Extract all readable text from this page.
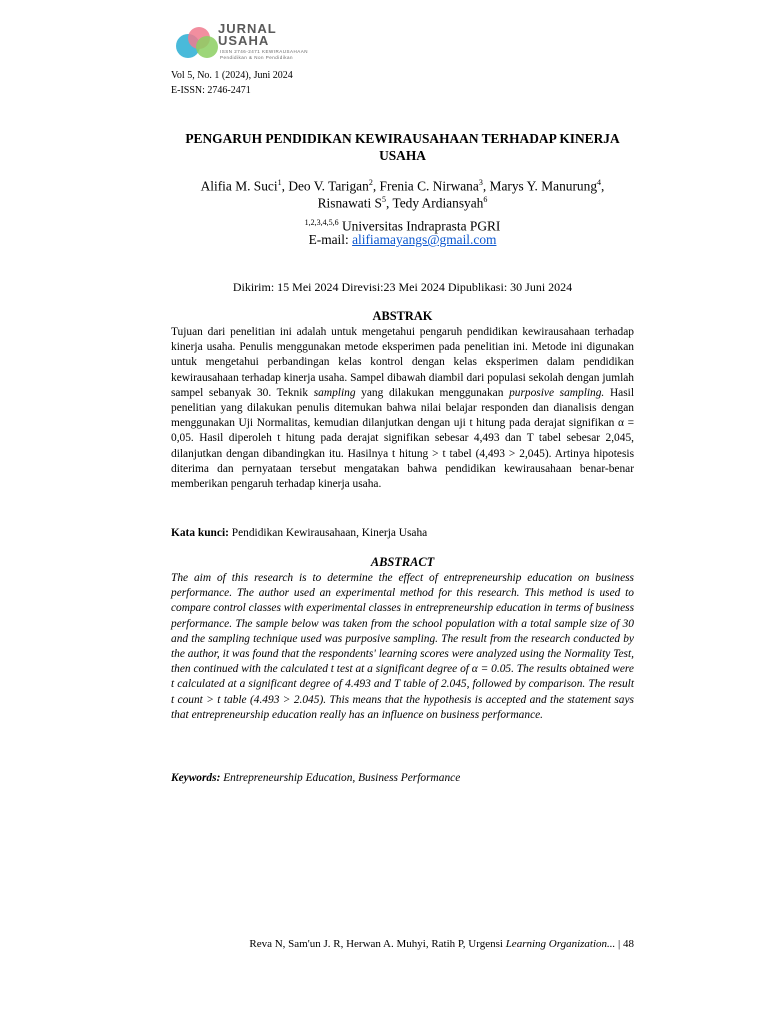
JURNAL
USAHA
ISSN 2746-2471 KEWIRAUSAHAAN
Pendidikan & Non Pendidikan
Vol 5, No. 1 (2024), Juni 2024
E-ISSN: 2746-2471
PENGARUH PENDIDIKAN KEWIRAUSAHAAN TERHADAP KINERJA
USAHA
Alifia M. Suci$^1$, Deo V. Tarigan$^2$, Frenia C. Nirwana$^3$, Marys Y. Manurung$^4$,
Risnawati $S^5$, Tedy Ardiansyah$^6$
$^{1,2,3,4,5,6}$ Universitas Indraprasta PGRI
E-mail: alifiamayangs@gmail.com
Dikirim: 15 Mei 2024 Direvisi:23 Mei 2024 Dipublikasi: 30 Juni 2024
ABSTRAK
Tujuan dari penelitian ini adalah untuk mengetahui pengaruh pendidikan kewirausahaan terhadap kinerja usaha. Penulis menggunakan metode eksperimen pada penelitian ini. Metode ini digunakan untuk mengetahui perbandingan kelas kontrol dengan kelas eksperimen dalam pendidikan kewirausahaan terhadap kinerja usaha. Sampel dibawah diambil dari populasi sekolah dengan jumlah sampel sebanyak 30. Teknik sampling yang dilakukan menggunakan purposive sampling. Hasil penelitian yang dilakukan penulis ditemukan bahwa nilai belajar responden dan dianalisis dengan menggunakan Uji Normalitas, kemudian dilanjutkan dengan uji t hitung pada derajat signifikan α = 0,05. Hasil diperoleh t hitung pada derajat signifikan sebesar 4,493 dan T tabel sebesar 2,045, dilanjutkan dengan dibandingkan itu. Hasilnya t hitung > t tabel (4,493 > 2,045). Artinya hipotesis diterima dan pernyataan tersebut mengatakan bahwa pendidikan kewirausahaan benar-benar memberikan pengaruh terhadap kinerja usaha.
Kata kunci: Pendidikan Kewirausahaan, Kinerja Usaha
ABSTRACT
The aim of this research is to determine the effect of entrepreneurship education on business performance. The author used an experimental method for this research. This method is used to compare control classes with experimental classes in entrepreneurship education in terms of business performance. The sample below was taken from the school population with a total sample size of 30 and the sampling technique used was purposive sampling. The result from the research conducted by the author, it was found that the respondents' learning scores were analyzed using the Normality Test, then continued with the calculated t test at a significant degree of α = 0.05. The results obtained were t calculated at a significant degree of 4.493 and T table of 2.045, followed by comparison. The result t count > t table (4.493 > 2.045). This means that the hypothesis is accepted and the statement says that entrepreneurship education really has an influence on business performance.
Keywords: Entrepreneurship Education, Business Performance
Reva N, Sam'un J. R, Herwan A. Muhyi, Ratih P, Urgensi Learning Organization... | 48
